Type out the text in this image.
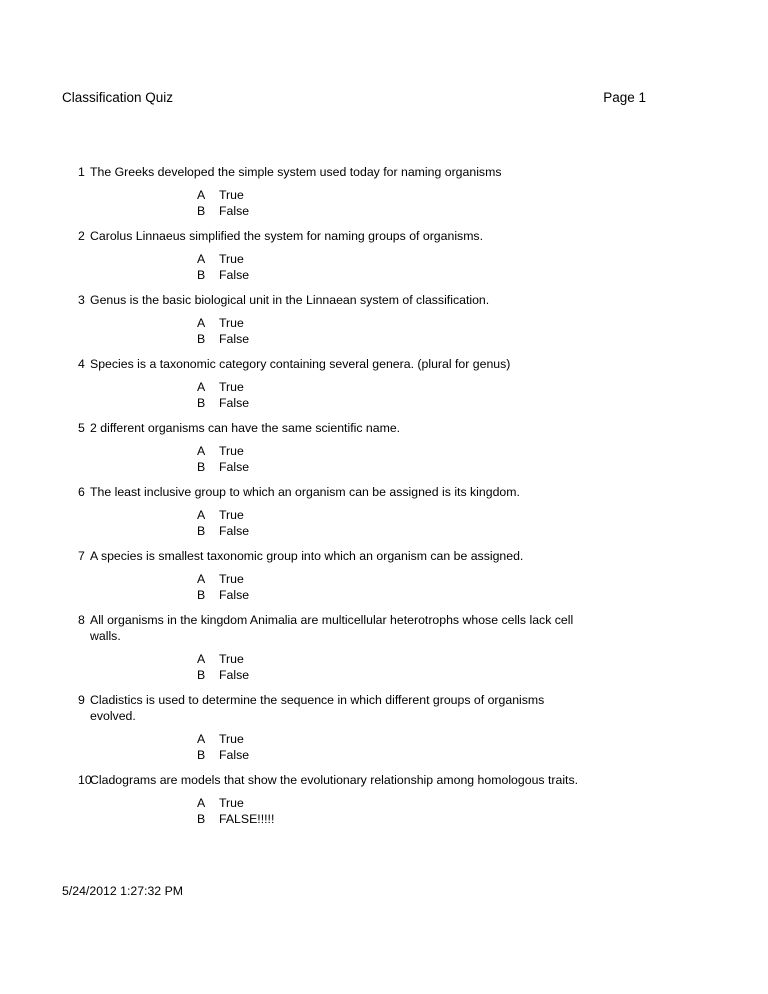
Classification Quiz	Page 1
1 The Greeks developed the simple system used today for naming organisms
A	True
B	False
2 Carolus Linnaeus simplified the system for naming groups of organisms.
A	True
B	False
3 Genus is the basic biological unit in the Linnaean system of classification.
A	True
B	False
4 Species is a taxonomic category containing several genera. (plural for genus)
A	True
B	False
5 2 different organisms can have the same scientific name.
A	True
B	False
6 The least inclusive group to which an organism can be assigned is its kingdom.
A	True
B	False
7 A species is smallest taxonomic group into which an organism can be assigned.
A	True
B	False
8 All organisms in the kingdom Animalia are multicellular heterotrophs whose cells lack cell walls.
A	True
B	False
9 Cladistics is used to determine the sequence in which different groups of organisms evolved.
A	True
B	False
10
Cladograms are models that show the evolutionary relationship among homologous traits.
A	True
B	FALSE!!!!!
5/24/2012 1:27:32 PM
